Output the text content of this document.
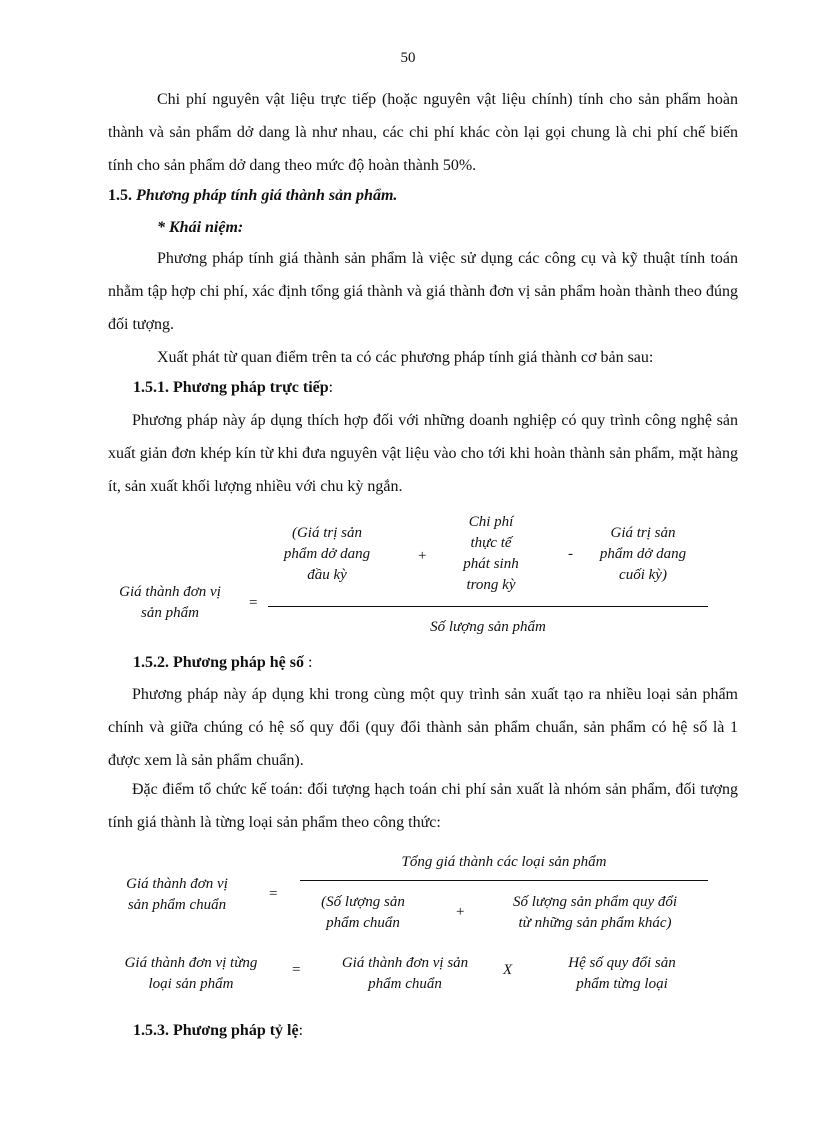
50
Chi phí nguyên vật liệu trực tiếp (hoặc nguyên vật liệu chính) tính cho sản phẩm hoàn thành và sản phẩm dở dang là như nhau, các chi phí khác còn lại gọi chung là chi phí chế biến tính cho sản phẩm dở dang theo mức độ hoàn thành 50%.
1.5. Phương pháp tính giá thành sản phẩm.
* Khái niệm:
Phương pháp tính giá thành sản phẩm là việc sử dụng các công cụ và kỹ thuật tính toán nhằm tập hợp chi phí, xác định tổng giá thành và giá thành đơn vị sản phẩm hoàn thành theo đúng đối tượng.
Xuất phát từ quan điểm trên ta có các phương pháp tính giá thành cơ bản sau:
1.5.1. Phương pháp trực tiếp:
Phương pháp này áp dụng thích hợp đối với những doanh nghiệp có quy trình công nghệ sản xuất giản đơn khép kín từ khi đưa nguyên vật liệu vào cho tới khi hoàn thành sản phẩm, mặt hàng ít, sản xuất khối lượng nhiều với chu kỳ ngắn.
Giá thành đơn vị
sản phẩm
=
(Giá trị sản
phẩm dở dang
đầu kỳ
+
Chi phí
thực tế
phát sinh
trong kỳ
-
Giá trị sản
phẩm dở dang
cuối kỳ)
Số lượng sản phẩm
1.5.2. Phương pháp hệ số :
Phương pháp này áp dụng khi trong cùng một quy trình sản xuất tạo ra nhiều loại sản phẩm chính và giữa chúng có hệ số quy đổi (quy đổi thành sản phẩm chuẩn, sản phẩm có hệ số là 1 được xem là sản phẩm chuẩn).
Đặc điểm tổ chức kế toán: đối tượng hạch toán chi phí sản xuất là nhóm sản phẩm, đối tượng tính giá thành là từng loại sản phẩm theo công thức:
Giá thành đơn vị
sản phẩm chuẩn
=
Tổng giá thành các loại sản phẩm
(Số lượng sản
phẩm chuẩn
+
Số lượng sản phẩm quy đổi
từ những sản phẩm khác)
Giá thành đơn vị từng
loại sản phẩm
=	Giá thành đơn vị sản
phẩm chuẩn
X	Hệ số quy đổi sản
phẩm từng loại
1.5.3. Phương pháp tỷ lệ:
